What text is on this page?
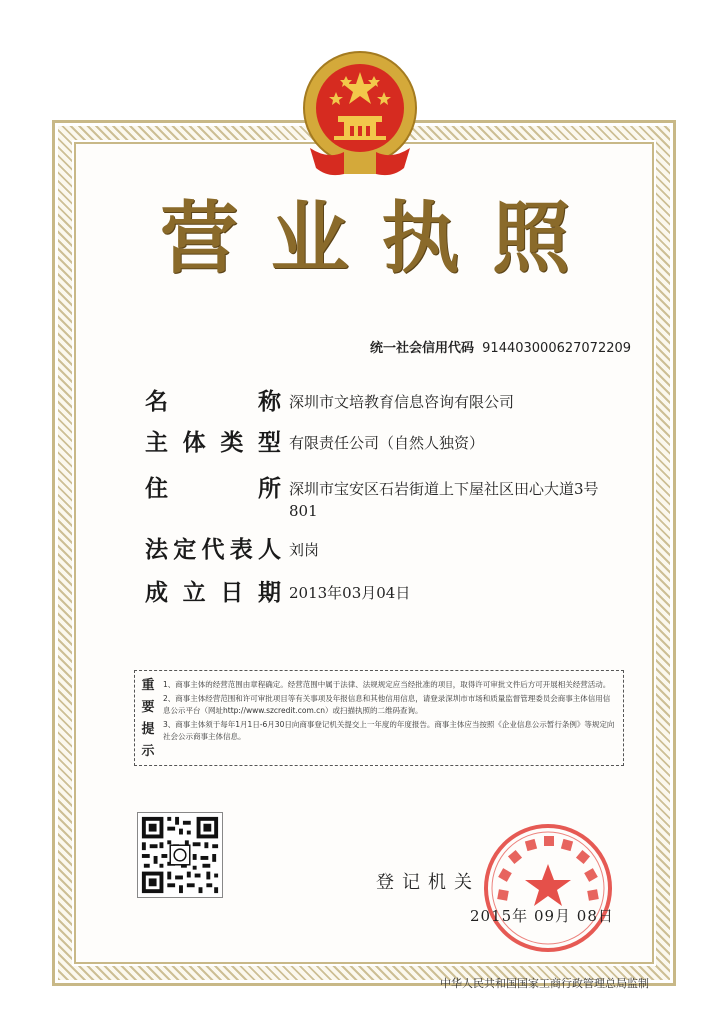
营 业 执 照
统一社会信用代码 914403000627072209
名	称 深圳市文培教育信息咨询有限公司
主 体 类 型 有限责任公司（自然人独资）
住	所 深圳市宝安区石岩街道上下屋社区田心大道3号
801
法 定 代 表 人 刘岗
成 立 日 期 2013年03月04日
重
要
提
示

1、商事主体的经营范围由章程确定。经营范围中属于法律、法规规定应当经批准的项目，取得许可审批文件后方可开展相关经营活动。

2、商事主体经营范围和许可审批项目等有关事项及年报信息和其他信用信息，请登录深圳市市场和质量监督管理委员会商事主体信用信息公示平台（网址http://www.szcredit.com.cn）或扫描执照的二维码查询。

3、商事主体须于每年1月1日-6月30日向商事登记机关提交上一年度的年度报告。商事主体应当按照《企业信息公示暂行条例》等规定向社会公示商事主体信息。

登记机关
2015年 09月 08日
中华人民共和国国家工商行政管理总局监制
